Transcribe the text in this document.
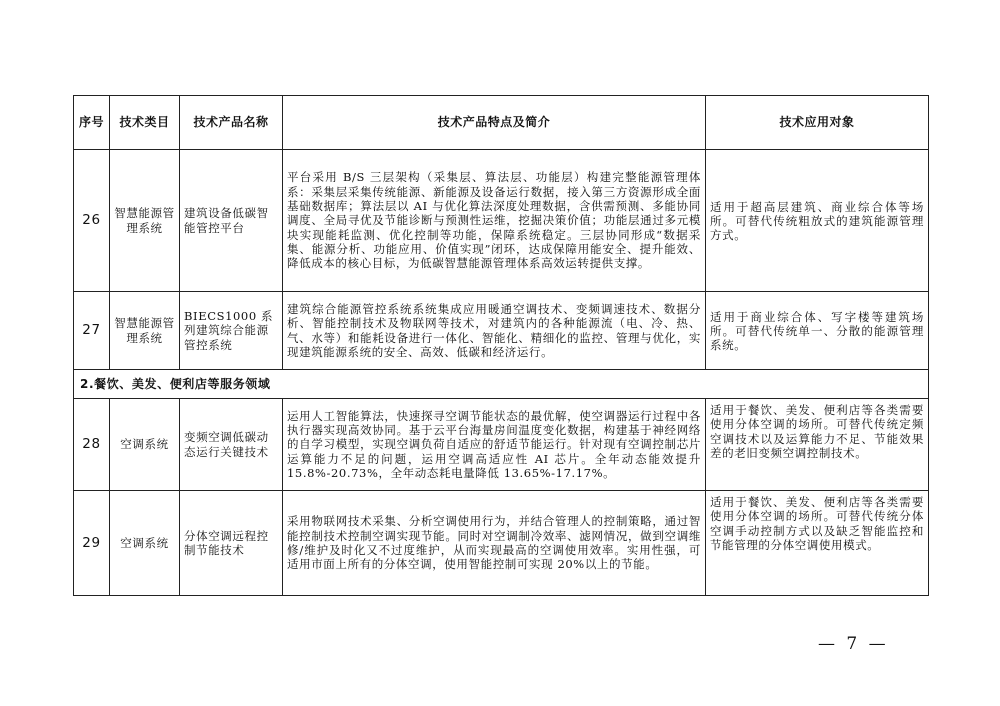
序号	技术类目	技术产品名称	技术产品特点及简介	技术应用对象
26	智慧能源管理系统	建筑设备低碳智能管控平台	平台采用 B/S 三层架构（采集层、算法层、功能层）构建完整能源管理体系：采集层采集传统能源、新能源及设备运行数据，接入第三方资源形成全面基础数据库；算法层以 AI 与优化算法深度处理数据，含供需预测、多能协同调度、全局寻优及节能诊断与预测性运维，挖掘决策价值；功能层通过多元模块实现能耗监测、优化控制等功能，保障系统稳定。三层协同形成“数据采集、能源分析、功能应用、价值实现”闭环，达成保障用能安全、提升能效、降低成本的核心目标，为低碳智慧能源管理体系高效运转提供支撑。	适用于超高层建筑、商业综合体等场所。可替代传统粗放式的建筑能源管理方式。
27	智慧能源管理系统	BIECS1000 系列建筑综合能源管控系统	建筑综合能源管控系统系统集成应用暖通空调技术、变频调速技术、数据分析、智能控制技术及物联网等技术，对建筑内的各种能源流（电、冷、热、气、水等）和能耗设备进行一体化、智能化、精细化的监控、管理与优化，实现建筑能源系统的安全、高效、低碳和经济运行。	适用于商业综合体、写字楼等建筑场所。可替代传统单一、分散的能源管理系统。
2.餐饮、美发、便利店等服务领域				
28	空调系统	变频空调低碳动态运行关键技术	运用人工智能算法，快速探寻空调节能状态的最优解，使空调器运行过程中各执行器实现高效协同。基于云平台海量房间温度变化数据，构建基于神经网络的自学习模型，实现空调负荷自适应的舒适节能运行。针对现有空调控制芯片运算能力不足的问题，运用空调高适应性 AI 芯片。全年动态能效提升 15.8%-20.73%，全年动态耗电量降低 13.65%-17.17%。	适用于餐饮、美发、便利店等各类需要使用分体空调的场所。可替代传统定频空调技术以及运算能力不足、节能效果差的老旧变频空调控制技术。
29	空调系统	分体空调远程控制节能技术	采用物联网技术采集、分析空调使用行为，并结合管理人的控制策略，通过智能控制技术控制空调实现节能。同时对空调制冷效率、滤网情况，做到空调维修/维护及时化又不过度维护，从而实现最高的空调使用效率。实用性强，可适用市面上所有的分体空调，使用智能控制可实现 20%以上的节能。	适用于餐饮、美发、便利店等各类需要使用分体空调的场所。可替代传统分体空调手动控制方式以及缺乏智能监控和节能管理的分体空调使用模式。
— 7 —
